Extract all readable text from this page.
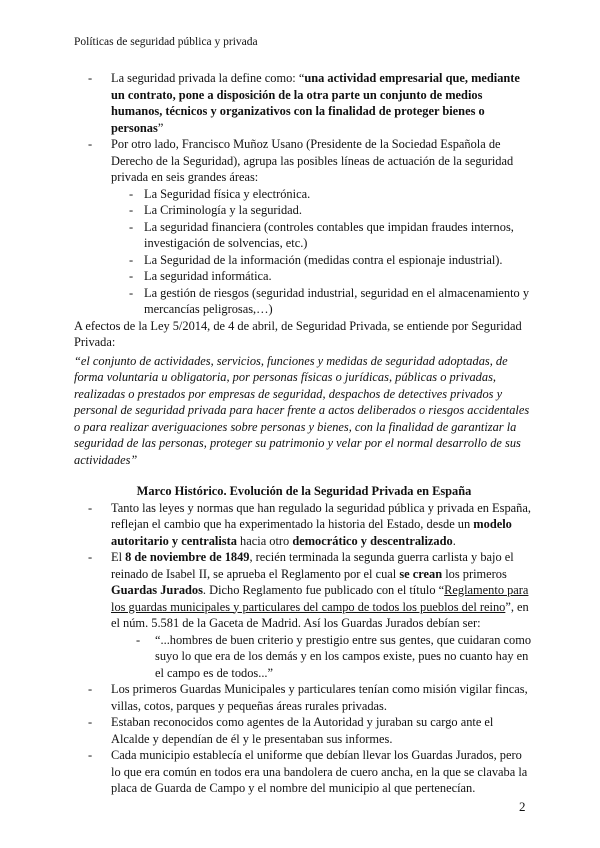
Políticas de seguridad pública y privada
- La seguridad privada la define como: “una actividad empresarial que, mediante un contrato, pone a disposición de la otra parte un conjunto de medios humanos, técnicos y organizativos con la finalidad de proteger bienes o personas”
- Por otro lado, Francisco Muñoz Usano (Presidente de la Sociedad Española de Derecho de la Seguridad), agrupa las posibles líneas de actuación de la seguridad privada en seis grandes áreas:
- La Seguridad física y electrónica.
- La Criminología y la seguridad.
- La seguridad financiera (controles contables que impidan fraudes internos, investigación de solvencias, etc.)
- La Seguridad de la información (medidas contra el espionaje industrial).
- La seguridad informática.
- La gestión de riesgos (seguridad industrial, seguridad en el almacenamiento y mercancías peligrosas,…)

A efectos de la Ley 5/2014, de 4 de abril, de Seguridad Privada, se entiende por Seguridad Privada:

“el conjunto de actividades, servicios, funciones y medidas de seguridad adoptadas, de forma voluntaria u obligatoria, por personas físicas o jurídicas, públicas o privadas, realizadas o prestados por empresas de seguridad, despachos de detectives privados y personal de seguridad privada para hacer frente a actos deliberados o riesgos accidentales o para realizar averiguaciones sobre personas y bienes, con la finalidad de garantizar la seguridad de las personas, proteger su patrimonio y velar por el normal desarrollo de sus actividades”

Marco Histórico. Evolución de la Seguridad Privada en España
- Tanto las leyes y normas que han regulado la seguridad pública y privada en España, reflejan el cambio que ha experimentado la historia del Estado, desde un modelo autoritario y centralista hacia otro democrático y descentralizado.
- El 8 de noviembre de 1849, recién terminada la segunda guerra carlista y bajo el reinado de Isabel II, se aprueba el Reglamento por el cual se crean los primeros Guardas Jurados. Dicho Reglamento fue publicado con el título “Reglamento para los guardas municipales y particulares del campo de todos los pueblos del reino”, en el núm. 5.581 de la Gaceta de Madrid. Así los Guardas Jurados debían ser:
- “...hombres de buen criterio y prestigio entre sus gentes, que cuidaran como suyo lo que era de los demás y en los campos existe, pues no cuanto hay en el campo es de todos...”
- Los primeros Guardas Municipales y particulares tenían como misión vigilar fincas, villas, cotos, parques y pequeñas áreas rurales privadas.
- Estaban reconocidos como agentes de la Autoridad y juraban su cargo ante el Alcalde y dependían de él y le presentaban sus informes.
- Cada municipio establecía el uniforme que debían llevar los Guardas Jurados, pero lo que era común en todos era una bandolera de cuero ancha, en la que se clavaba la placa de Guarda de Campo y el nombre del municipio al que pertenecían.
2
